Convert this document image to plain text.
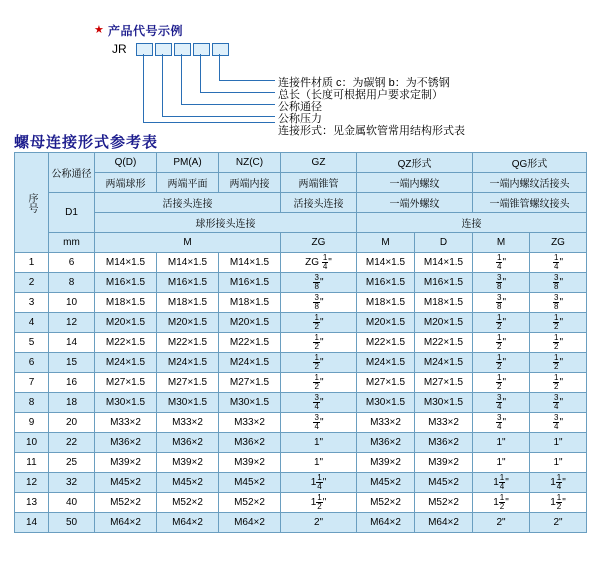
★ 产品代号示例
JR
连接件材质 c：为碳钢 b：为不锈钢
总长（长度可根据用户要求定制）
公称通径
公称压力
连接形式：见金属软管常用结构形式表
螺母连接形式参考表
序号	公称通径	Q(D)	PM(A)	NZ(C)	GZ	QZ形式		QG形式	
		两端球形	两端平面	两端内接	两端锥管	一端内螺纹		一端内螺纹活接头	
	D1	活接头连接			活接头连接	一端外螺纹		一端锥管螺纹接头	
		球形接头连接				连接			
	mm	M			ZG	M	D	M	ZG
1	6	M14×1.5	M14×1.5	M14×1.5	ZG $\frac{1}{4}$ "	M14×1.5	M14×1.5	$\frac{1}{4}$ "	$\frac{1}{4}$ "
2	8	M16×1.5	M16×1.5	M16×1.5	$\frac{3}{8}$ "	M16×1.5	M16×1.5	$\frac{3}{8}$ "	$\frac{3}{8}$ "
3	10	M18×1.5	M18×1.5	M18×1.5	$\frac{3}{8}$ "	M18×1.5	M18×1.5	$\frac{3}{8}$ "	$\frac{3}{8}$ "
4	12	M20×1.5	M20×1.5	M20×1.5	$\frac{1}{2}$ "	M20×1.5	M20×1.5	$\frac{1}{2}$ "	$\frac{1}{2}$ "
5	14	M22×1.5	M22×1.5	M22×1.5	$\frac{1}{2}$ "	M22×1.5	M22×1.5	$\frac{1}{2}$ "	$\frac{1}{2}$ "
6	15	M24×1.5	M24×1.5	M24×1.5	$\frac{1}{2}$ "	M24×1.5	M24×1.5	$\frac{1}{2}$ "	$\frac{1}{2}$ "
7	16	M27×1.5	M27×1.5	M27×1.5	$\frac{1}{2}$ "	M27×1.5	M27×1.5	$\frac{1}{2}$ "	$\frac{1}{2}$ "
8	18	M30×1.5	M30×1.5	M30×1.5	$\frac{3}{4}$ "	M30×1.5	M30×1.5	$\frac{3}{4}$ "	$\frac{3}{4}$ "
9	20	M33×2	M33×2	M33×2	$\frac{3}{4}$ "	M33×2	M33×2	$\frac{3}{4}$ "	$\frac{3}{4}$ "
10	22	M36×2	M36×2	M36×2	1"	M36×2	M36×2	1"	1"
11	25	M39×2	M39×2	M39×2	1"	M39×2	M39×2	1"	1"
12	32	M45×2	M45×2	M45×2	$1 \frac{1}{4}$ "	M45×2	M45×2	$1 \frac{1}{4}$ "	$1 \frac{1}{4}$ "
13	40	M52×2	M52×2	M52×2	$1 \frac{1}{2}$ "	M52×2	M52×2	$1 \frac{1}{2}$ "	$1 \frac{1}{2}$ "
14	50	M64×2	M64×2	M64×2	2"	M64×2	M64×2	2"	2"
